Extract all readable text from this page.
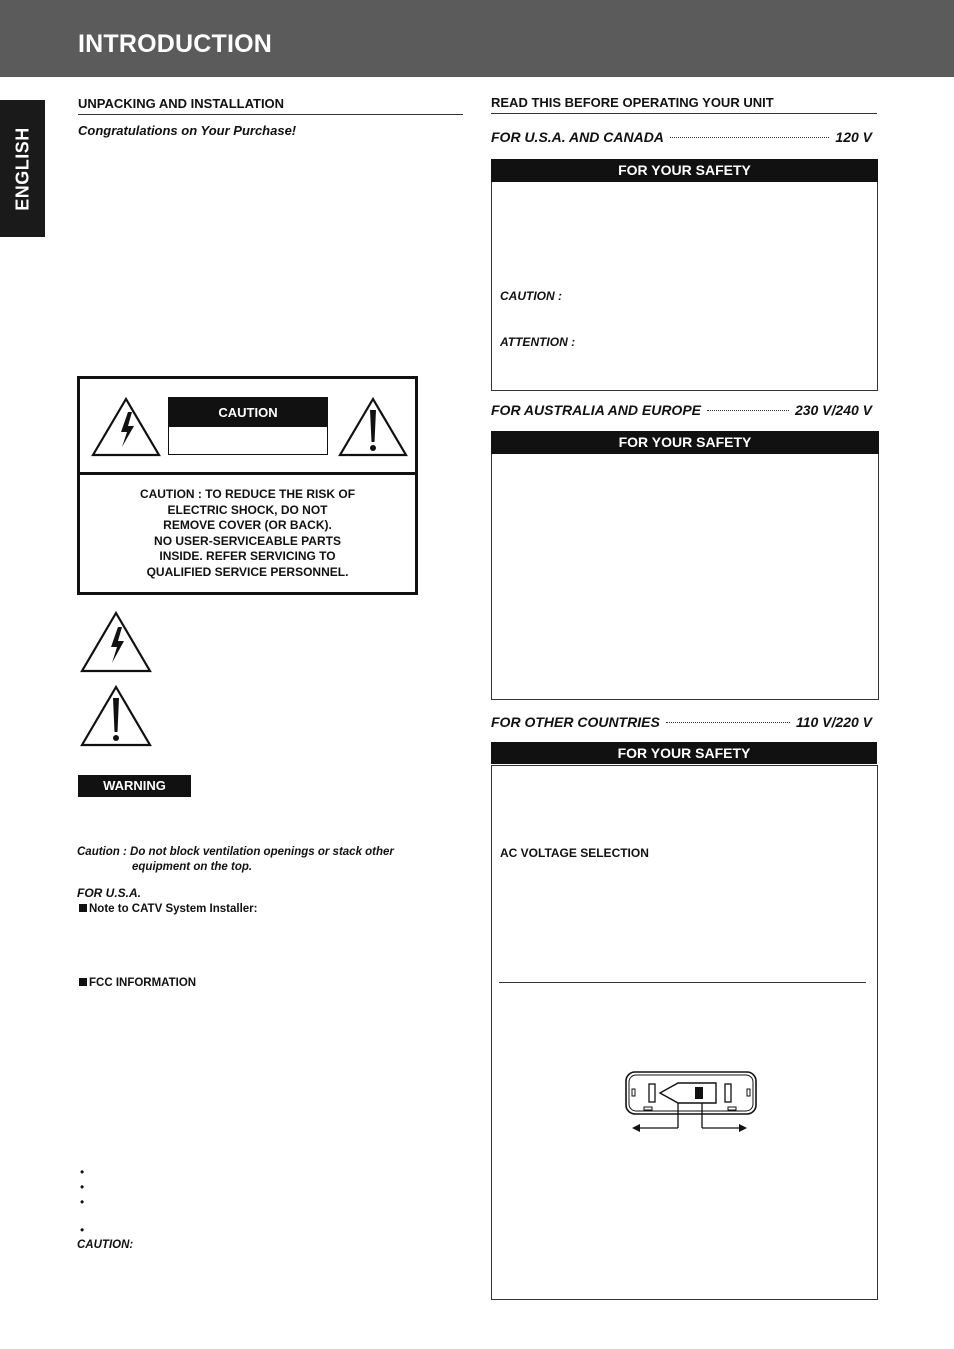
INTRODUCTION
ENGLISH
UNPACKING AND INSTALLATION
Congratulations on Your Purchase!
CAUTION
CAUTION : TO REDUCE THE RISK OF
ELECTRIC SHOCK, DO NOT
REMOVE COVER (OR BACK).
NO USER-SERVICEABLE PARTS
INSIDE. REFER SERVICING TO
QUALIFIED SERVICE PERSONNEL.
WARNING
Caution : Do not block ventilation openings or stack other
equipment on the top.
FOR U.S.A.
Note to CATV System Installer:
FCC INFORMATION
•
•
•
•
CAUTION:
READ THIS BEFORE OPERATING YOUR UNIT
FOR U.S.A. AND CANADA	120 V
FOR YOUR SAFETY
CAUTION :
ATTENTION :
FOR AUSTRALIA AND EUROPE	230 V/240 V
FOR YOUR SAFETY
FOR OTHER COUNTRIES	110 V/220 V
FOR YOUR SAFETY
AC VOLTAGE SELECTION
